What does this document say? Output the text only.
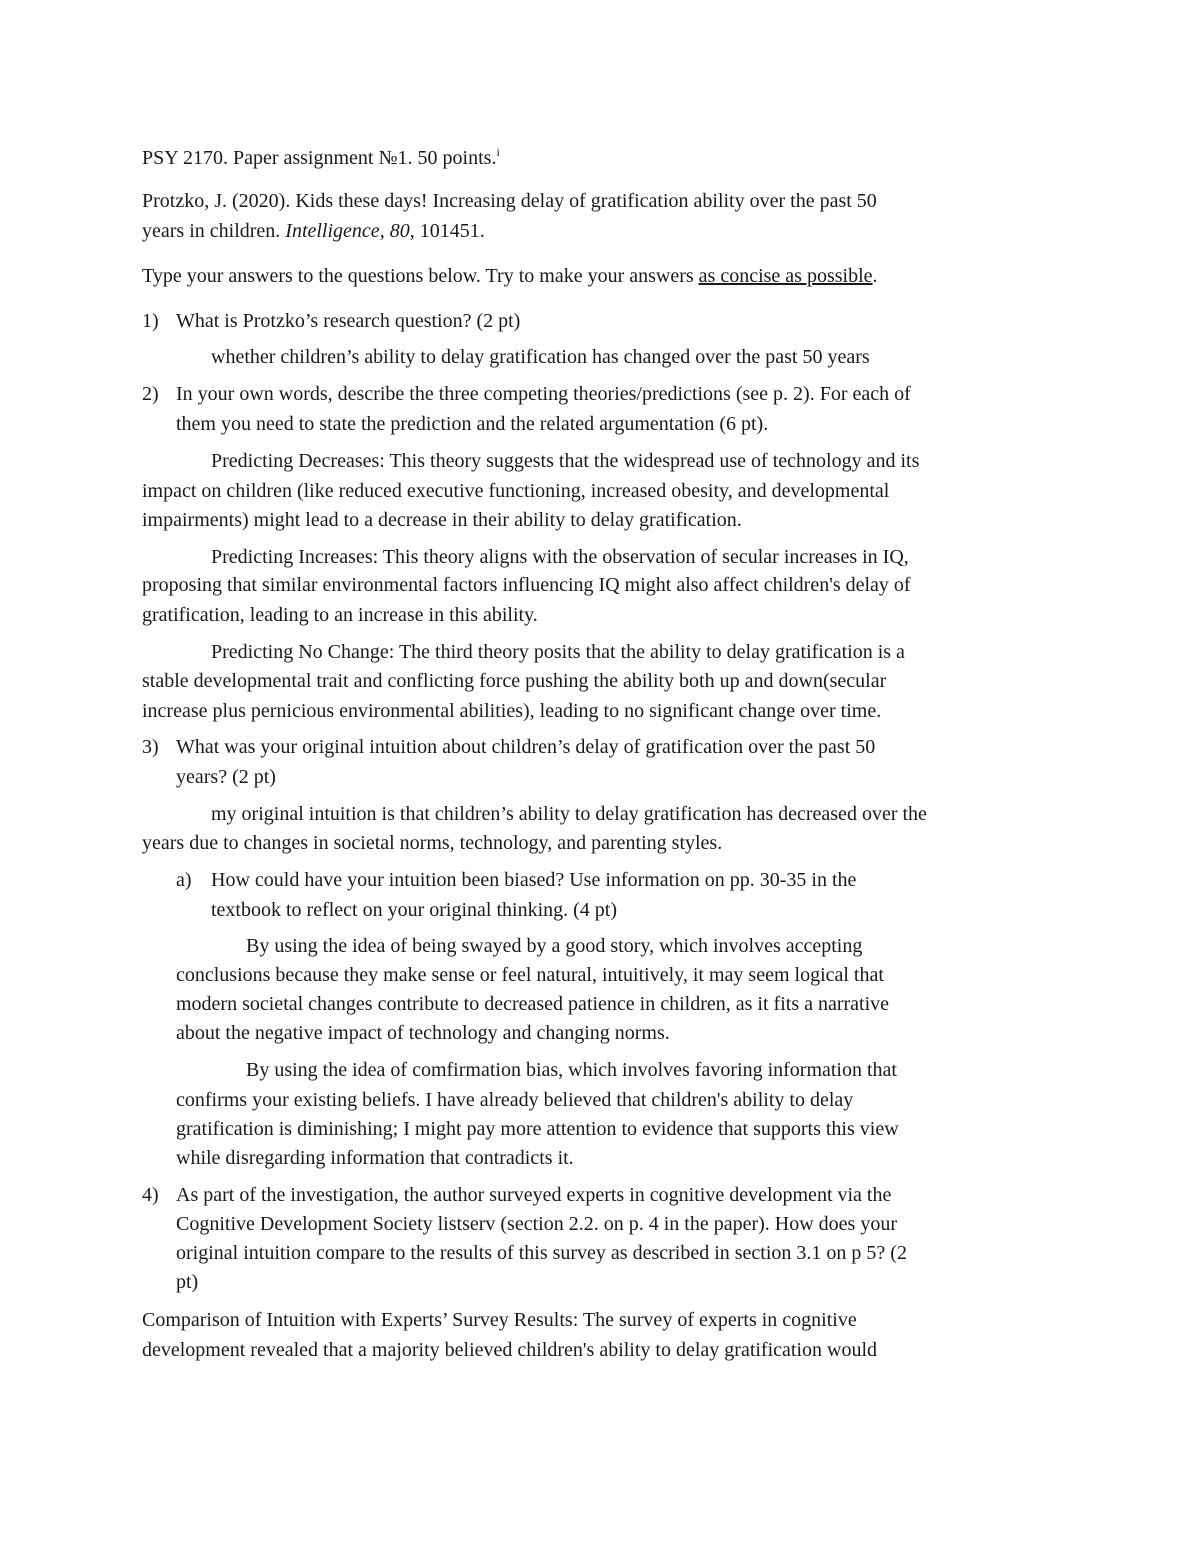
PSY 2170. Paper assignment №1. 50 points.$^i$
Protzko, J. (2020). Kids these days! Increasing delay of gratification ability over the past 50
years in children. Intelligence, 80, 101451.
Type your answers to the questions below. Try to make your answers as concise as possible.
1) What is Protzko’s research question? (2 pt)
whether children’s ability to delay gratification has changed over the past 50 years
2) In your own words, describe the three competing theories/predictions (see p. 2). For each of
them you need to state the prediction and the related argumentation (6 pt).
Predicting Decreases: This theory suggests that the widespread use of technology and its
impact on children (like reduced executive functioning, increased obesity, and developmental
impairments) might lead to a decrease in their ability to delay gratification.
Predicting Increases: This theory aligns with the observation of secular increases in IQ,
proposing that similar environmental factors influencing IQ might also affect children's delay of
gratification, leading to an increase in this ability.
Predicting No Change: The third theory posits that the ability to delay gratification is a
stable developmental trait and conflicting force pushing the ability both up and down(secular
increase plus pernicious environmental abilities), leading to no significant change over time.
3) What was your original intuition about children’s delay of gratification over the past 50
years? (2 pt)
my original intuition is that children’s ability to delay gratification has decreased over the
years due to changes in societal norms, technology, and parenting styles.
a) How could have your intuition been biased? Use information on pp. 30-35 in the
textbook to reflect on your original thinking. (4 pt)
By using the idea of being swayed by a good story, which involves accepting
conclusions because they make sense or feel natural, intuitively, it may seem logical that
modern societal changes contribute to decreased patience in children, as it fits a narrative
about the negative impact of technology and changing norms.
By using the idea of comfirmation bias, which involves favoring information that
confirms your existing beliefs. I have already believed that children's ability to delay
gratification is diminishing; I might pay more attention to evidence that supports this view
while disregarding information that contradicts it.
4) As part of the investigation, the author surveyed experts in cognitive development via the
Cognitive Development Society listserv (section 2.2. on p. 4 in the paper). How does your
original intuition compare to the results of this survey as described in section 3.1 on p 5? (2
pt)
Comparison of Intuition with Experts’ Survey Results: The survey of experts in cognitive
development revealed that a majority believed children's ability to delay gratification would
